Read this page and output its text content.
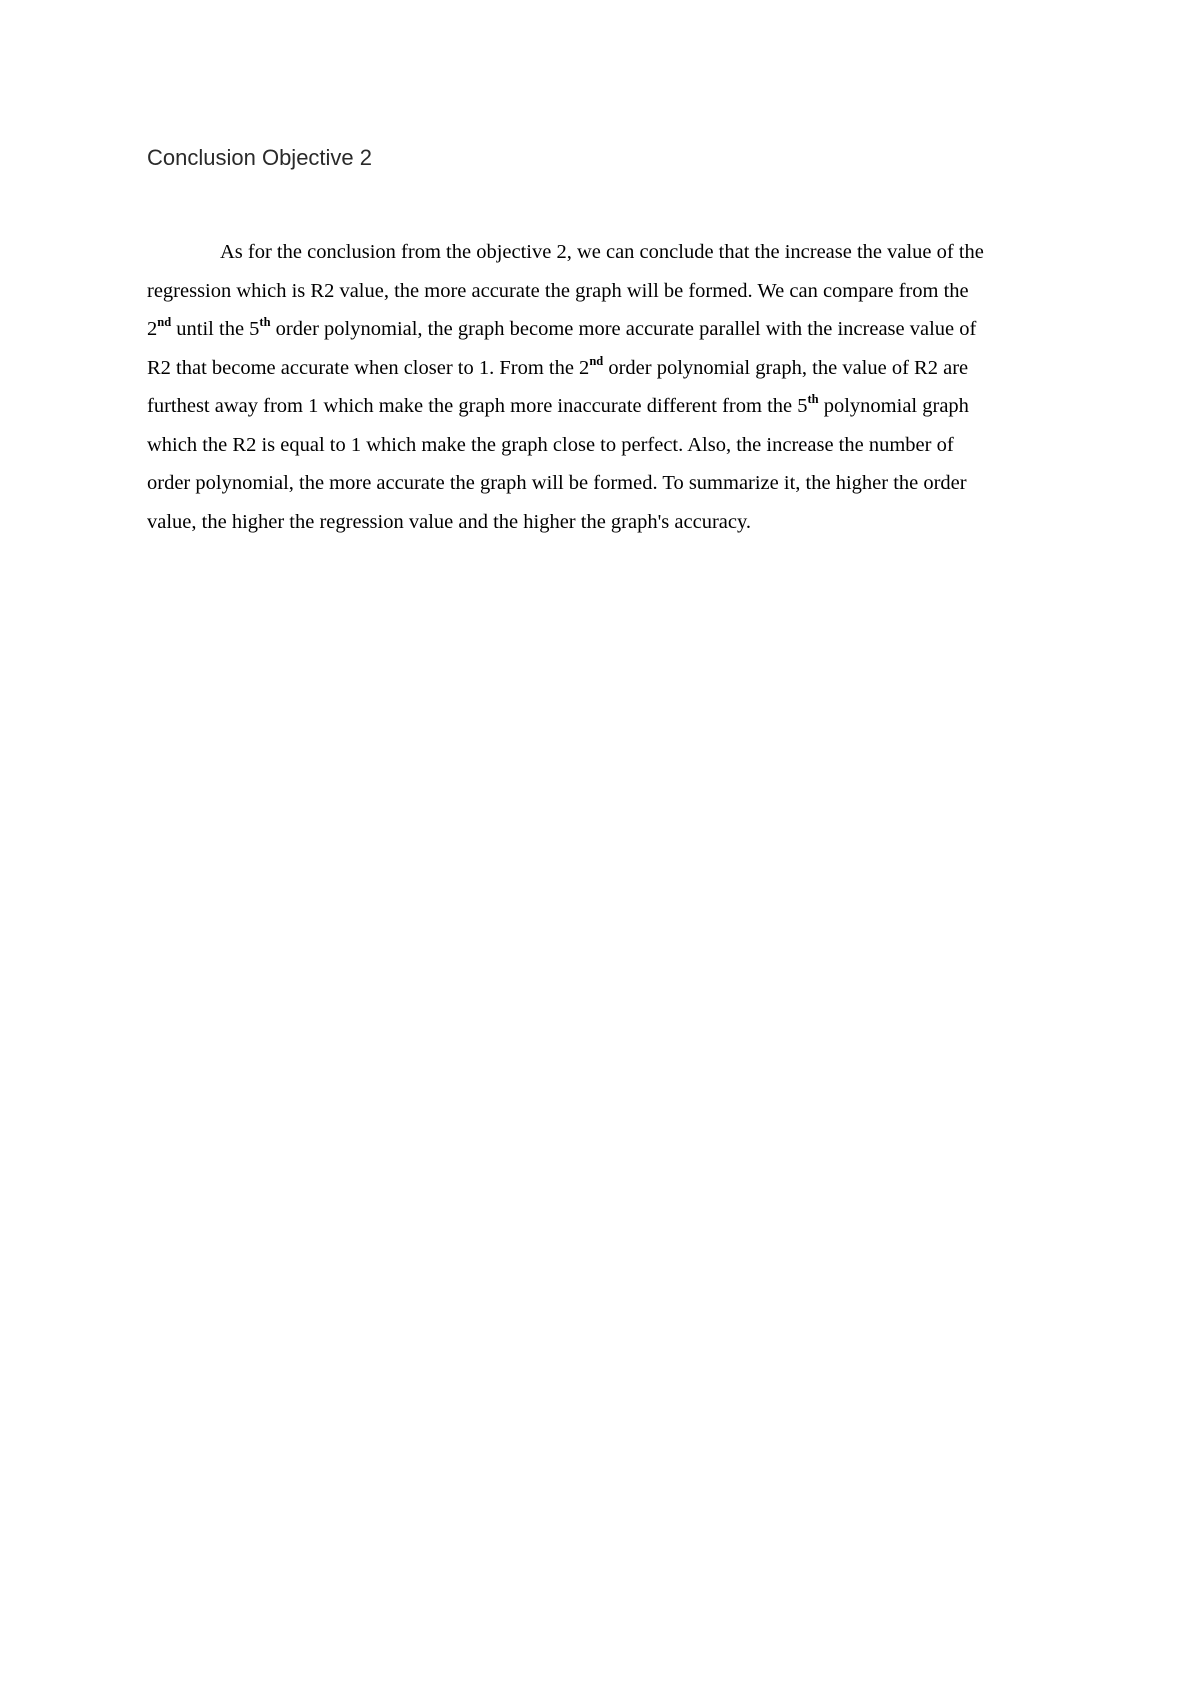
Conclusion Objective 2
As for the conclusion from the objective 2, we can conclude that the increase the value of the
regression which is R2 value, the more accurate the graph will be formed. We can compare from the
2nd until the 5th order polynomial, the graph become more accurate parallel with the increase value of
R2 that become accurate when closer to 1. From the 2nd order polynomial graph, the value of R2 are
furthest away from 1 which make the graph more inaccurate different from the 5th polynomial graph
which the R2 is equal to 1 which make the graph close to perfect. Also, the increase the number of
order polynomial, the more accurate the graph will be formed. To summarize it, the higher the order
value, the higher the regression value and the higher the graph's accuracy.
